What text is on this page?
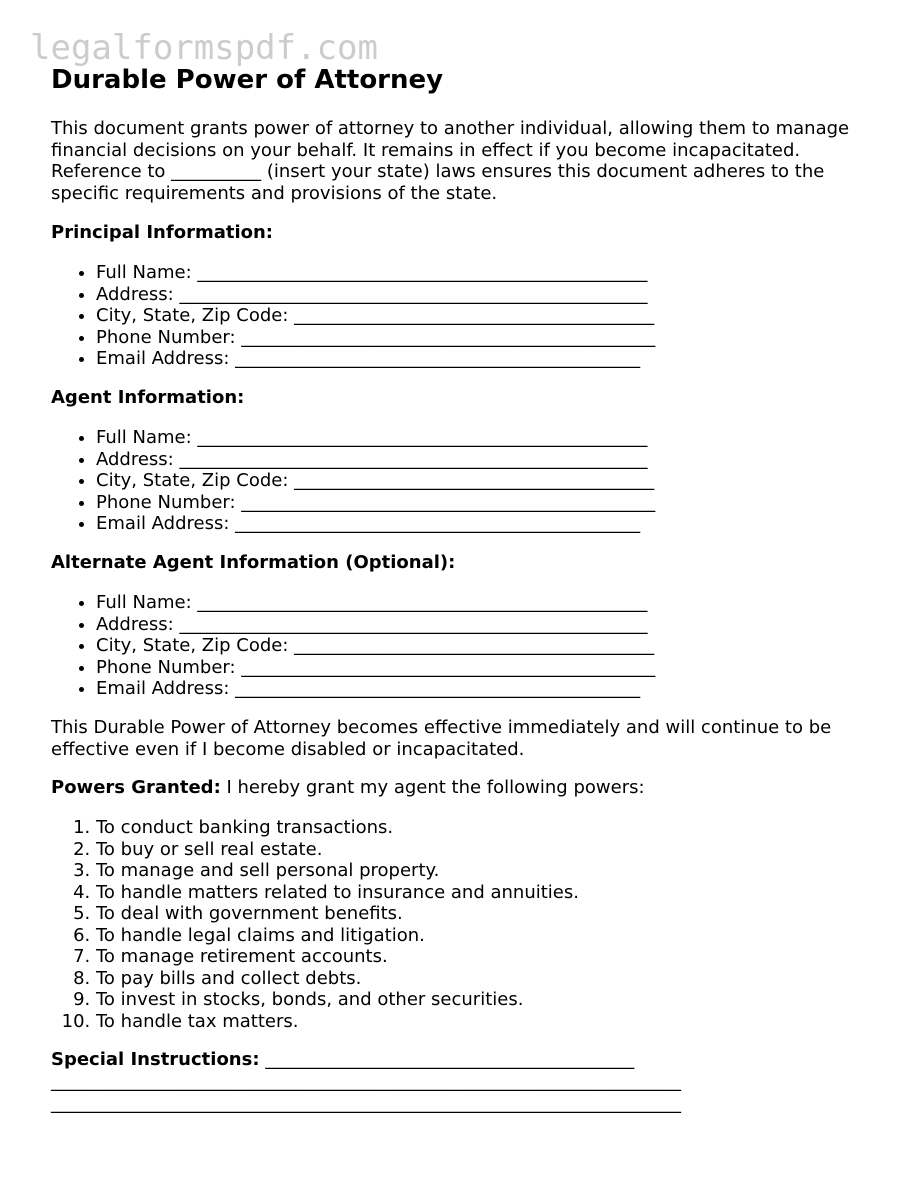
legalformspdf.com
Durable Power of Attorney

This document grants power of attorney to another individual, allowing them to manage financial decisions on your behalf. It remains in effect if you become incapacitated. Reference to __________ (insert your state) laws ensures this document adheres to the specific requirements and provisions of the state.

Principal Information:

• Full Name: __________________________________________________
• Address: ____________________________________________________
• City, State, Zip Code: ________________________________________
• Phone Number: ______________________________________________
• Email Address: _____________________________________________

Agent Information:

• Full Name: __________________________________________________
• Address: ____________________________________________________
• City, State, Zip Code: ________________________________________
• Phone Number: ______________________________________________
• Email Address: _____________________________________________

Alternate Agent Information (Optional):

• Full Name: __________________________________________________
• Address: ____________________________________________________
• City, State, Zip Code: ________________________________________
• Phone Number: ______________________________________________
• Email Address: _____________________________________________

This Durable Power of Attorney becomes effective immediately and will continue to be effective even if I become disabled or incapacitated.

Powers Granted: I hereby grant my agent the following powers:

1. To conduct banking transactions.
2. To buy or sell real estate.
3. To manage and sell personal property.
4. To handle matters related to insurance and annuities.
5. To deal with government benefits.
6. To handle legal claims and litigation.
7. To manage retirement accounts.
8. To pay bills and collect debts.
9. To invest in stocks, bonds, and other securities.
10. To handle tax matters.

Special Instructions: _________________________________________

______________________________________________________________________

______________________________________________________________________
